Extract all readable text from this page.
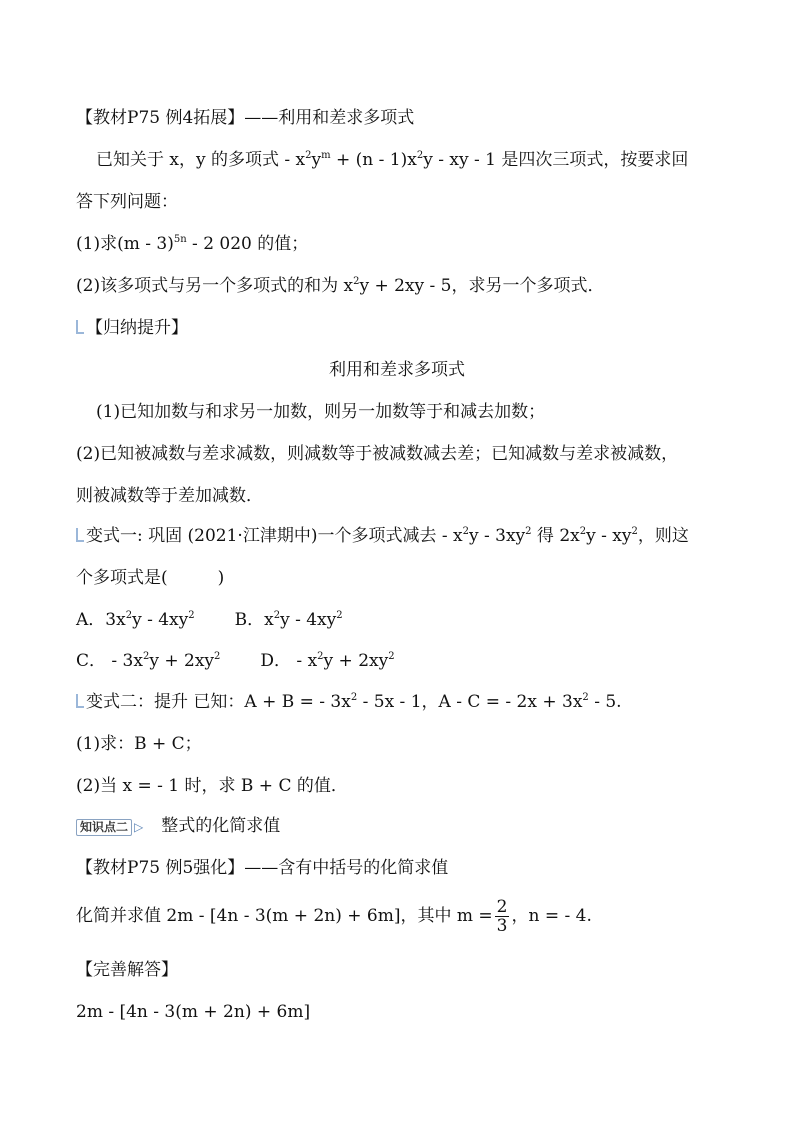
【教材P75 例4拓展】——利用和差求多项式
已知关于 x，y 的多项式 - $x^2y^m + (n - 1)x^2y$ - xy - 1 是四次三项式，按要求回
答下列问题：
(1)求(m - 3)$^{5n}$ - 2 020 的值；
(2)该多项式与另一个多项式的和为 $x^2y + 2xy - 5$，求另一个多项式．
【归纳提升】
利用和差求多项式
(1)已知加数与和求另一加数，则另一加数等于和减去加数；
(2)已知被减数与差求减数，则减数等于被减数减去差；已知减数与差求被减数，
则被减数等于差加减数．
变式一: 巩固 (2021·江津期中)一个多项式减去 - $x^2y - 3xy^2$ 得 $2x^2y - xy^2$，则这
个多项式是(	)
A．$3x^2y - 4xy^2$ B．$x^2y - 4xy^2$
C． - $3x^2y + 2xy^2$ D． - $x^2y + 2xy^2$
变式二：提升 已知：A + B = - $3x^2 - 5x - 1$，A - C = - $2x + 3x^2 - 5$.
(1)求：B + C；
(2)当 x = - 1 时，求 B + C 的值．
知识点二 ▷ 整式的化简求值
【教材P75 例5强化】——含有中括号的化简求值
化简并求值 2m - [4n - 3(m + 2n) + 6m]，其中 $m = \frac{2}{3}$ ，n = - 4.
【完善解答】
2m - [4n - 3(m + 2n) + 6m]
